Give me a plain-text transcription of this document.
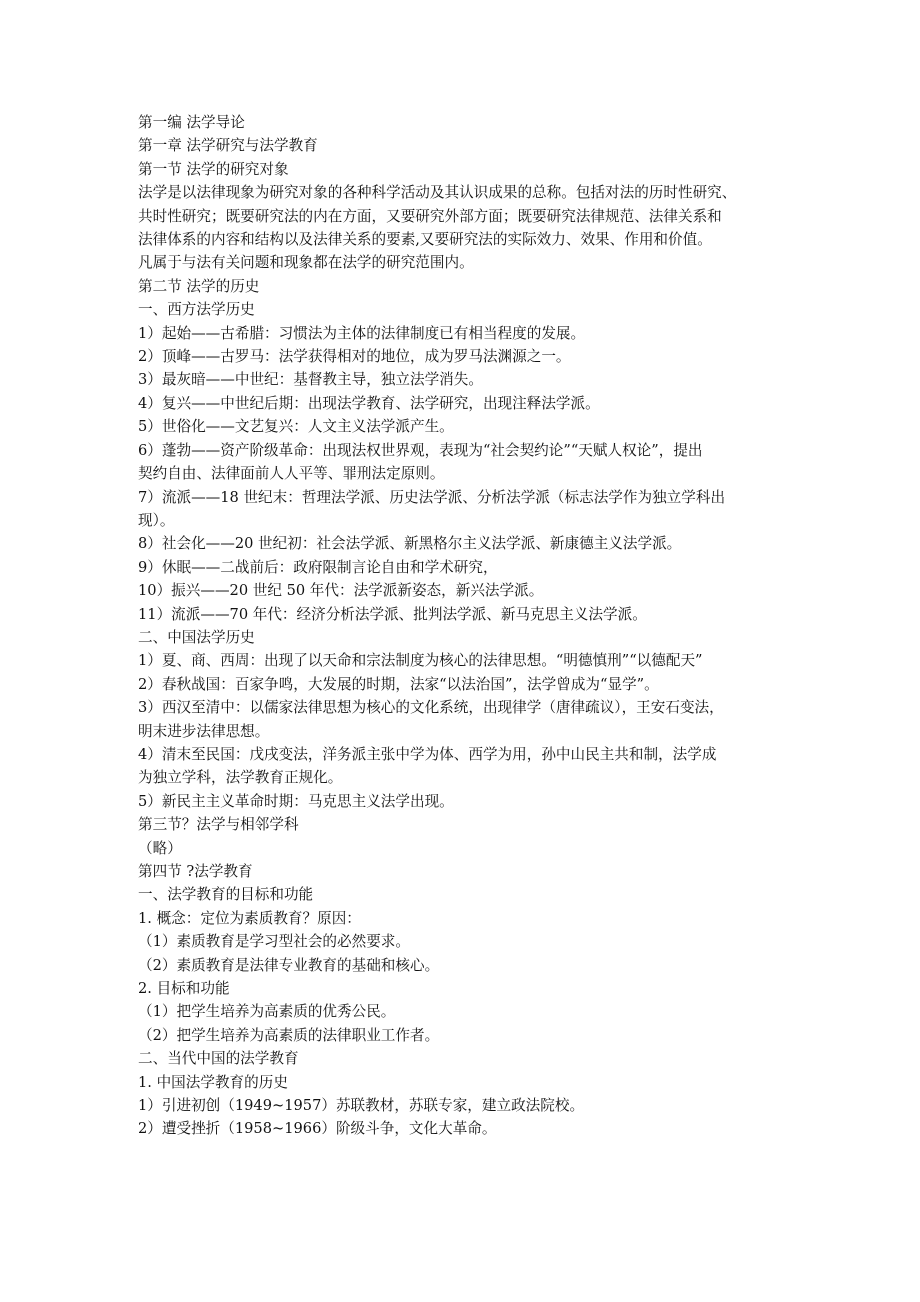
第一编 法学导论
第一章 法学研究与法学教育
第一节 法学的研究对象
法学是以法律现象为研究对象的各种科学活动及其认识成果的总称。包括对法的历时性研究、
共时性研究；既要研究法的内在方面，又要研究外部方面；既要研究法律规范、法律关系和
法律体系的内容和结构以及法律关系的要素,又要研究法的实际效力、效果、作用和价值。
凡属于与法有关问题和现象都在法学的研究范围内。
第二节 法学的历史
一、西方法学历史
1）起始——古希腊：习惯法为主体的法律制度已有相当程度的发展。
2）顶峰——古罗马：法学获得相对的地位，成为罗马法渊源之一。
3）最灰暗——中世纪：基督教主导，独立法学消失。
4）复兴——中世纪后期：出现法学教育、法学研究，出现注释法学派。
5）世俗化——文艺复兴：人文主义法学派产生。
6）蓬勃——资产阶级革命：出现法权世界观，表现为“社会契约论”“天赋人权论”，提出
契约自由、法律面前人人平等、罪刑法定原则。
7）流派——18 世纪末：哲理法学派、历史法学派、分析法学派（标志法学作为独立学科出
现）。
8）社会化——20 世纪初：社会法学派、新黑格尔主义法学派、新康德主义法学派。
9）休眠——二战前后：政府限制言论自由和学术研究，
10）振兴——20 世纪 50 年代：法学派新姿态，新兴法学派。
11）流派——70 年代：经济分析法学派、批判法学派、新马克思主义法学派。
二、中国法学历史
1）夏、商、西周：出现了以天命和宗法制度为核心的法律思想。“明德慎刑”“以德配天”
2）春秋战国：百家争鸣，大发展的时期，法家“以法治国”，法学曾成为“显学”。
3）西汉至清中：以儒家法律思想为核心的文化系统，出现律学（唐律疏议），王安石变法，
明末进步法律思想。
4）清末至民国：戊戌变法，洋务派主张中学为体、西学为用，孙中山民主共和制，法学成
为独立学科，法学教育正规化。
5）新民主主义革命时期：马克思主义法学出现。
第三节？法学与相邻学科
（略）
第四节 ?法学教育
一、法学教育的目标和功能
1. 概念：定位为素质教育？原因：
（1）素质教育是学习型社会的必然要求。
（2）素质教育是法律专业教育的基础和核心。
2. 目标和功能
（1）把学生培养为高素质的优秀公民。
（2）把学生培养为高素质的法律职业工作者。
二、当代中国的法学教育
1. 中国法学教育的历史
1）引进初创（1949~1957）苏联教材，苏联专家，建立政法院校。
2）遭受挫折（1958~1966）阶级斗争，文化大革命。
